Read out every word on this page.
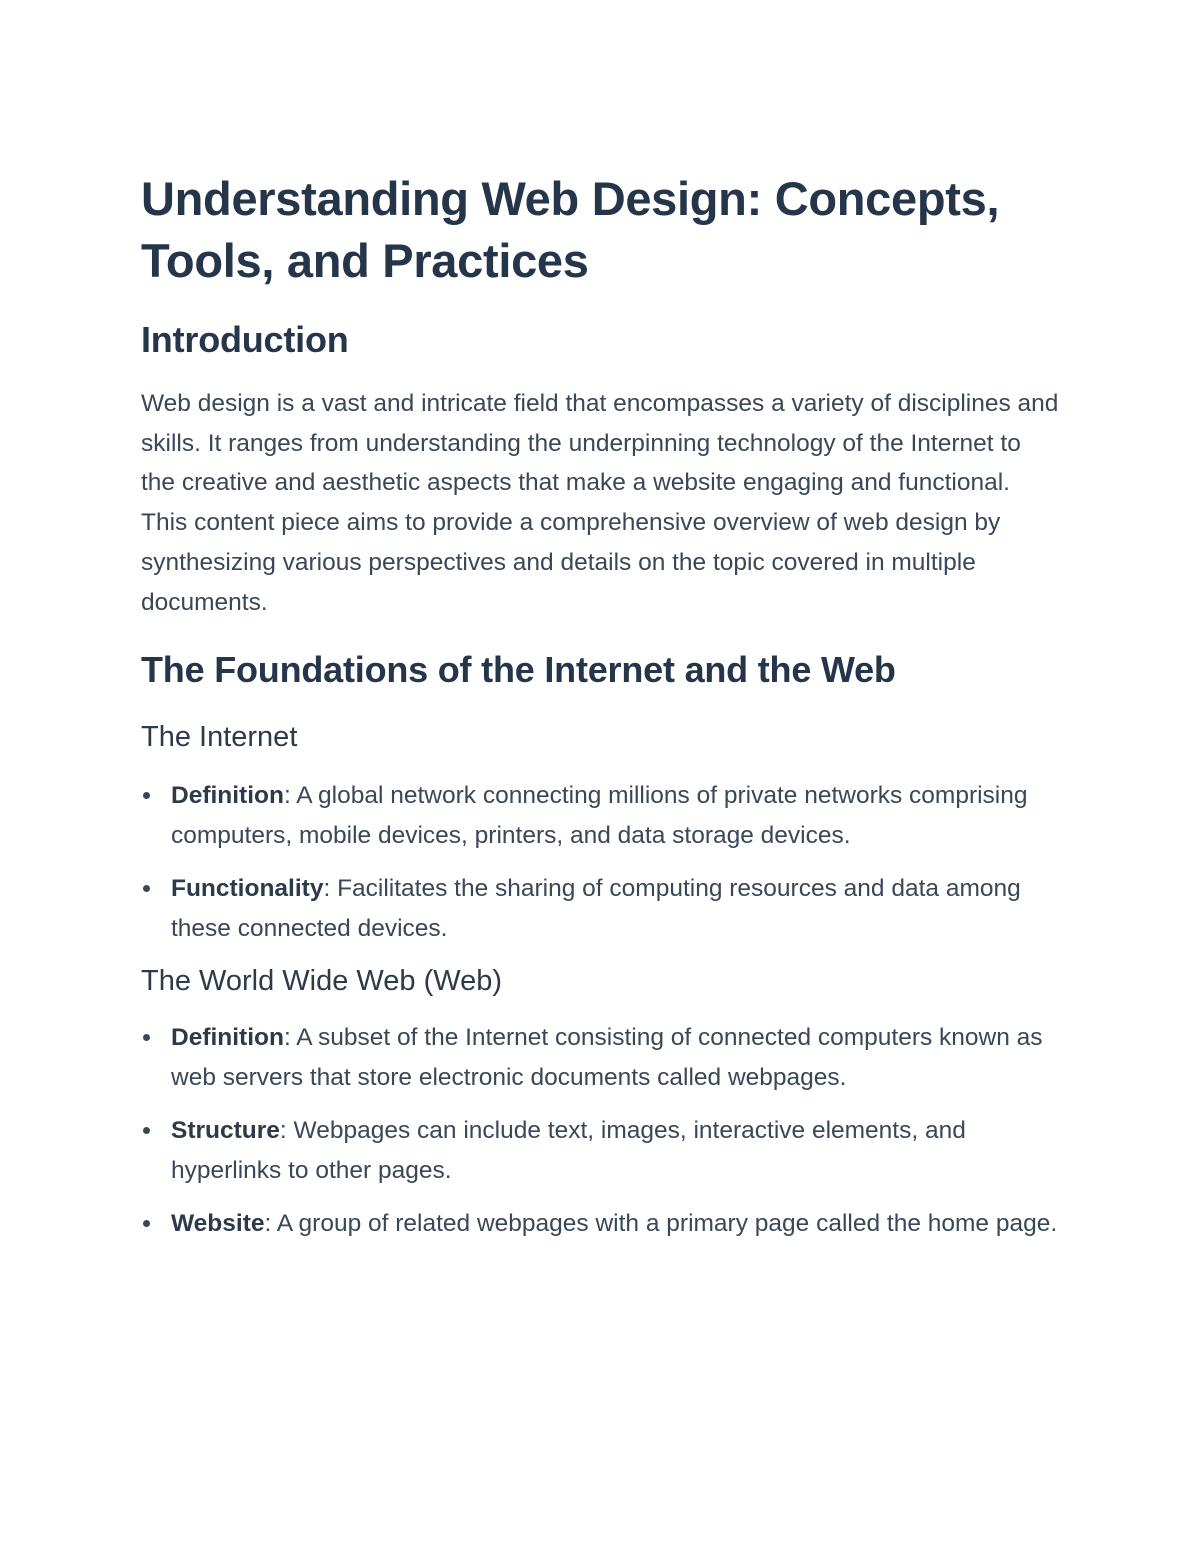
Understanding Web Design: Concepts, Tools, and Practices
Introduction

Web design is a vast and intricate field that encompasses a variety of disciplines and skills. It ranges from understanding the underpinning technology of the Internet to the creative and aesthetic aspects that make a website engaging and functional. This content piece aims to provide a comprehensive overview of web design by synthesizing various perspectives and details on the topic covered in multiple documents.

The Foundations of the Internet and the Web
The Internet
Definition: A global network connecting millions of private networks comprising computers, mobile devices, printers, and data storage devices.
Functionality: Facilitates the sharing of computing resources and data among these connected devices.
The World Wide Web (Web)
Definition: A subset of the Internet consisting of connected computers known as web servers that store electronic documents called webpages.
Structure: Webpages can include text, images, interactive elements, and hyperlinks to other pages.
Website: A group of related webpages with a primary page called the home page.
